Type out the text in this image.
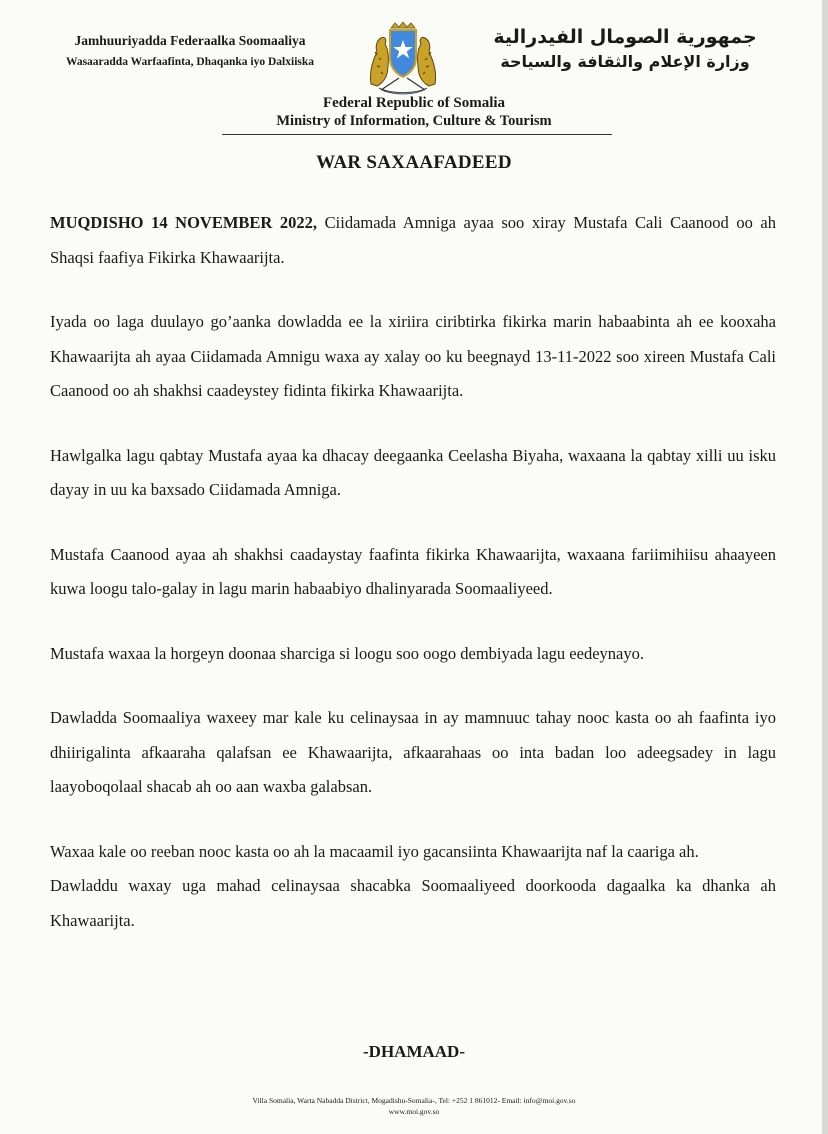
Jamhuuriyadda Federaalka Soomaaliya
Wasaaradda Warfaafinta, Dhaqanka iyo Dalxiiska
جمهورية الصومال الفيدرالية
وزارة الإعلام والثقافة والسياحة
Federal Republic of Somalia
Ministry of Information, Culture & Tourism
WAR SAXAAFADEED

MUQDISHO 14 NOVEMBER 2022, Ciidamada Amniga ayaa soo xiray Mustafa Cali Caanood oo ah Shaqsi faafiya Fikirka Khawaarijta.

Iyada oo laga duulayo go’aanka dowladda ee la xiriira ciribtirka fikirka marin habaabinta ah ee kooxaha Khawaarijta ah ayaa Ciidamada Amnigu waxa ay xalay oo ku beegnayd 13-11-2022 soo xireen Mustafa Cali Caanood oo ah shakhsi caadeystey fidinta fikirka Khawaarijta.

Hawlgalka lagu qabtay Mustafa ayaa ka dhacay deegaanka Ceelasha Biyaha, waxaana la qabtay xilli uu isku dayay in uu ka baxsado Ciidamada Amniga.

Mustafa Caanood ayaa ah shakhsi caadaystay faafinta fikirka Khawaarijta, waxaana fariimihiisu ahaayeen kuwa loogu talo-galay in lagu marin habaabiyo dhalinyarada Soomaaliyeed.

Mustafa waxaa la horgeyn doonaa sharciga si loogu soo oogo dembiyada lagu eedeynayo.

Dawladda Soomaaliya waxeey mar kale ku celinaysaa in ay mamnuuc tahay nooc kasta oo ah faafinta iyo dhiirigalinta afkaaraha qalafsan ee Khawaarijta, afkaarahaas oo inta badan loo adeegsadey in lagu laayoboqolaal shacab ah oo aan waxba galabsan.

Waxaa kale oo reeban nooc kasta oo ah la macaamil iyo gacansiinta Khawaarijta naf la caariga ah.

Dawladdu waxay uga mahad celinaysaa shacabka Soomaaliyeed doorkooda dagaalka ka dhanka ah Khawaarijta.

-DHAMAAD-
Villa Somalia, Warta Nabadda District, Mogadishu-Somalia-, Tel: +252 1 861012- Email: info@moi.gov.so
www.moi.gov.so
